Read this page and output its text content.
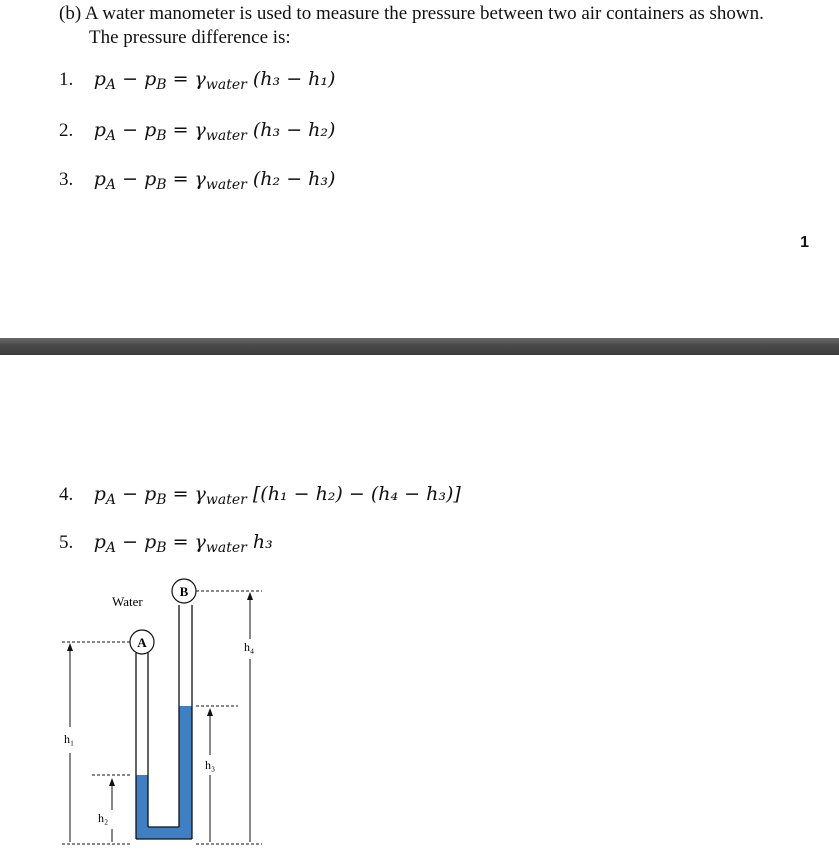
(b) A water manometer is used to measure the pressure between two air containers as shown.
The pressure difference is:
1. $p_A - p_B = \gamma_{water}$ (h₃ − h₁)
2. $p_A - p_B = \gamma_{water}$ (h₃ − h₂)
3. $p_A - p_B = \gamma_{water}$ (h₂ − h₃)
1
4. $p_A - p_B = \gamma_{water}$ [(h₁ − h₂) − (h₄ − h₃)]
5. $p_A - p_B = \gamma_{water}$ h₃
A
B
Water
h₁
h₂
h₃
h₄
